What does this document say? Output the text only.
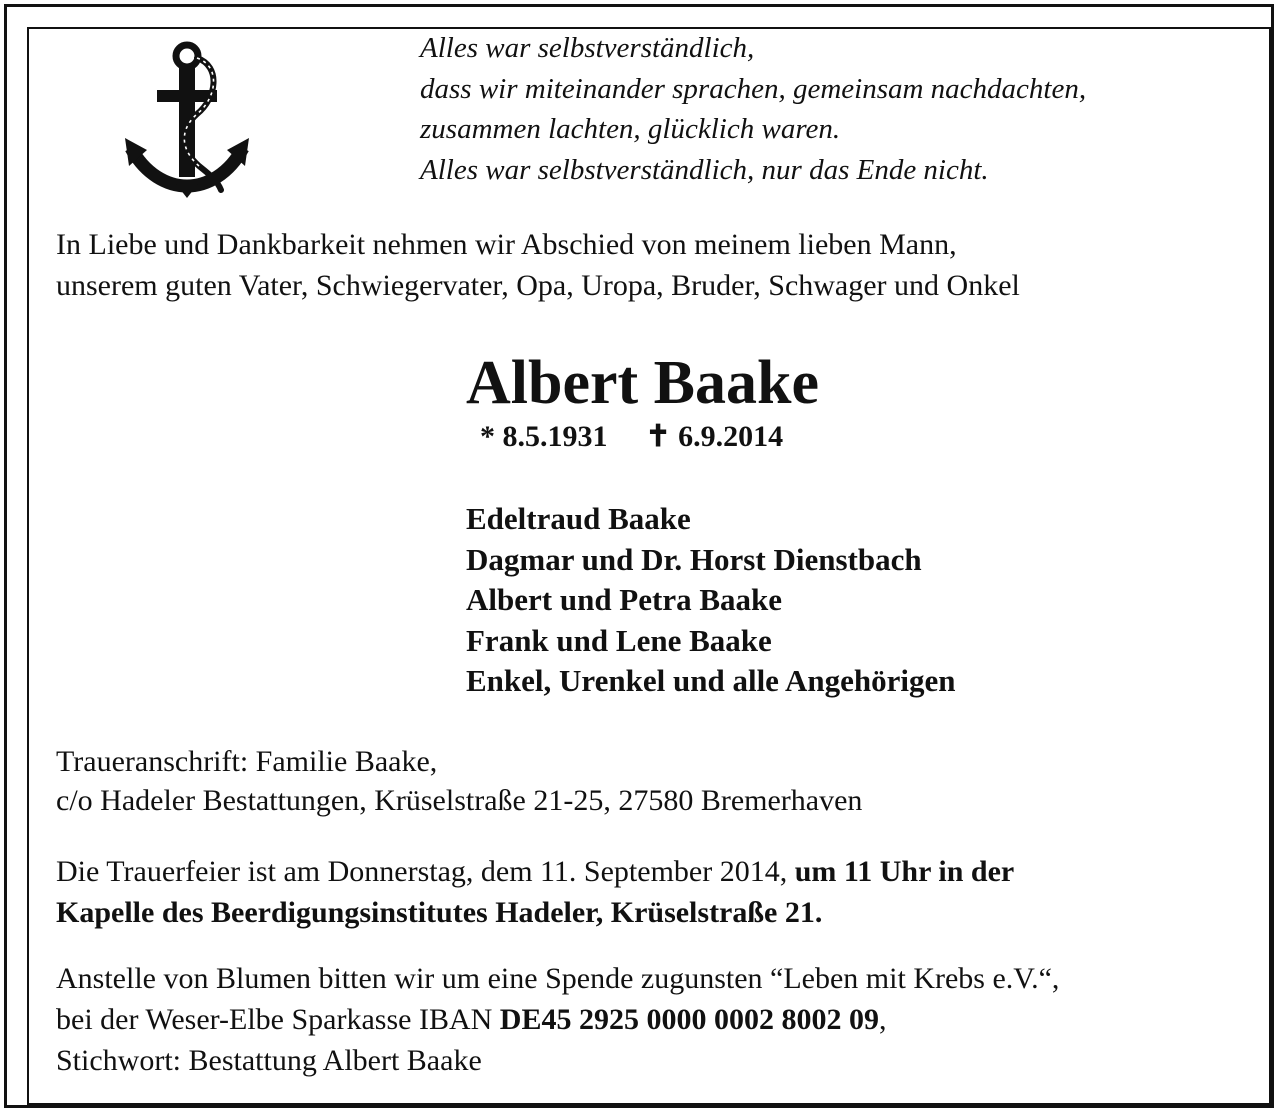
Alles war selbstverständlich,
dass wir miteinander sprachen, gemeinsam nachdachten,
zusammen lachten, glücklich waren.
Alles war selbstverständlich, nur das Ende nicht.
In Liebe und Dankbarkeit nehmen wir Abschied von meinem lieben Mann,
unserem guten Vater, Schwiegervater, Opa, Uropa, Bruder, Schwager und Onkel
Albert Baake
* 8.5.1931 ✝ 6.9.2014
Edeltraud Baake
Dagmar und Dr. Horst Dienstbach
Albert und Petra Baake
Frank und Lene Baake
Enkel, Urenkel und alle Angehörigen
Traueranschrift: Familie Baake,
c/o Hadeler Bestattungen, Krüselstraße 21-25, 27580 Bremerhaven
Die Trauerfeier ist am Donnerstag, dem 11. September 2014, um 11 Uhr in der
Kapelle des Beerdigungsinstitutes Hadeler, Krüselstraße 21.
Anstelle von Blumen bitten wir um eine Spende zugunsten “Leben mit Krebs e.V.“,
bei der Weser-Elbe Sparkasse IBAN DE45 2925 0000 0002 8002 09,
Stichwort: Bestattung Albert Baake
